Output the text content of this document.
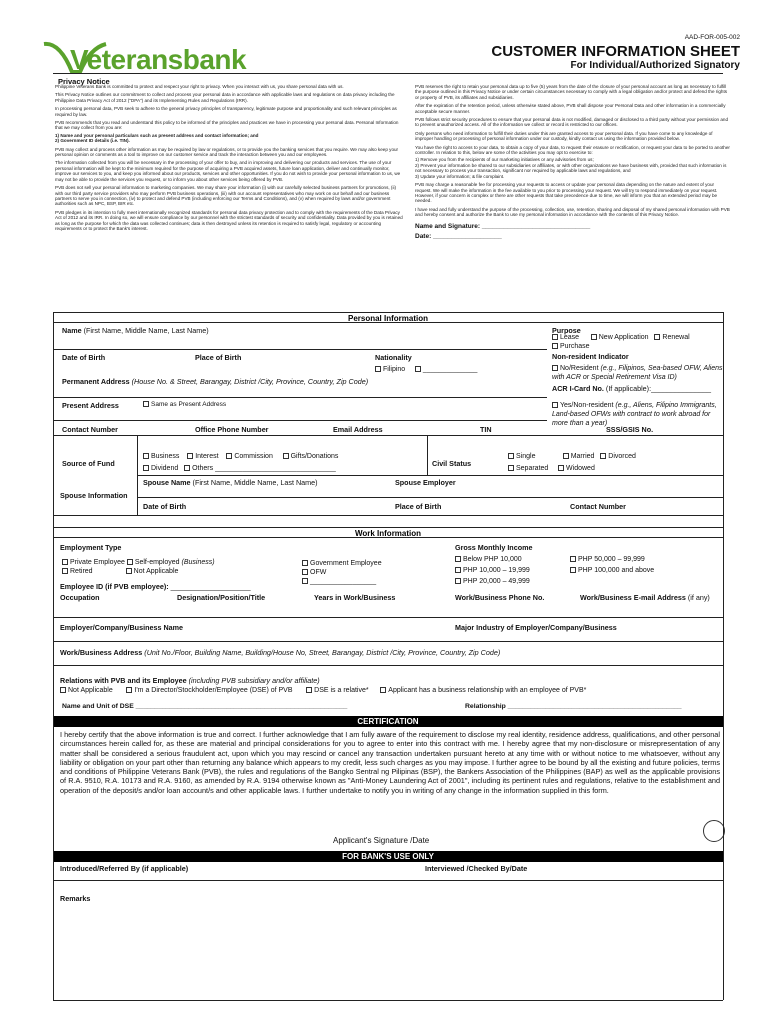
AAD-FOR-005-002
Veteransbank	CUSTOMER INFORMATION SHEET
For Individual/Authorized Signatory
Privacy Notice

Philippine Veterans Bank is committed to protect and respect your right to privacy. When you interact with us, you share personal data with us.

This Privacy Notice outlines our commitment to collect and process your personal data in accordance with applicable laws and regulations on data privacy including the Philippine Data Privacy Act of 2012 ("DPA") and its Implementing Rules and Regulations (IRR).

In processing personal data, PVB seek to adhere to the general privacy principles of transparency, legitimate purpose and proportionality and such relevant principles as required by law.

PVB recommends that you read and understand this policy to be informed of the principles and practices we have in processing your personal data. Personal Information that we may collect from you are:

1) Name and your personal particulars such as present address and contact information; and

2) Government ID details (i.e. TIN).

PVB may collect and process other information as may be required by law or regulations, or to provide you the banking services that you require. We may also keep your personal opinion or comments as a tool to improve on our customer service and track the interaction between you and our employees.

The information collected from you will be necessary in the processing of your offer to buy, and in improving and delivering our products and services. The use of your personal information will be kept to the minimum required for the purpose of acquiring a PVB acquired assets, future loan application, deliver and continually monitor, improve our services to you, and keep you informed about our products, services and other opportunities. If you do not wish to provide your personal information to us, we may not be able to provide the services you request, or to inform you about other services being offered by PVB.

PVB does not sell your personal information to marketing companies. We may share your information (i) with our carefully selected business partners for promotions, (ii) with our third party service providers who may perform PVB business operations, (iii) with our account representatives who may work on our behalf and our business partners to serve you in connection, (iv) to protect and defend PVB (including enforcing our Terms and Conditions), and (v) when required by laws and/or government authorities such as NPC, BSP, BIR etc.

PVB pledges in its intention to fully meet internationally recognized standards for personal data privacy protection and to comply with the requirements of the Data Privacy Act of 2012 and its IRR. In doing so, we will ensure compliance by our personnel with the strictest standards of security and confidentiality. Data provided by you is retained as long as the purpose for which the data was collected continues; data is then destroyed unless its retention is required to satisfy legal, regulatory or accounting requirements or to protect the Bank's interest.

PVB reserves the right to retain your personal data up to five (5) years from the date of the closure of your personal account as long as necessary to fulfill the purpose outlined in this Privacy Notice or under certain circumstances necessary to comply with a legal obligation and/or protect and defend the rights or property of PVB, its affiliates and subsidiaries.

After the expiration of the retention period, unless otherwise stated above, PVB shall dispose your Personal Data and other information in a commercially acceptable secure manner.

PVB follows strict security procedures to ensure that your personal data is not modified, damaged or disclosed to a third party without your permission and to prevent unauthorized access. All of the information we collect or record is restricted to our offices.

Only persons who need information to fulfill their duties under this are granted access to your personal data. If you have come to any knowledge of improper handling or processing of personal information under our custody, kindly contact us using the information provided below.

You have the right to access to your data, to obtain a copy of your data, to request their erasure or rectification, or request your data to be ported to another controller. In relation to this, below are some of the activities you may opt to exercise to:

1) Remove you from the recipients of our marketing initiatives or any advisories from us;

2) Prevent your information be shared to our subsidiaries or affiliates, or with other organizations we have business with, provided that such information is not necessary to process your transaction, significant nor required by applicable laws and regulations, and

3) Update your information; & file complaint.

PVB may charge a reasonable fee for processing your requests to access or update your personal data depending on the nature and extent of your request. We will make the information in the fee available to you prior to processing your request. We will try to respond immediately on your request. However, if your concern is complex or there are other requests that take precedence due to time, we will inform you that an extended period may be needed.

I have read and fully understand the purpose of the processing, collection, use, retention, sharing and disposal of my shared personal information with PVB and hereby consent and authorize the Bank to use my personal information in accordance with the contents of this Privacy Notice.

Name and Signature: ______________________________

Date: ___________________

Personal Information
Name (First Name, Middle Name, Last Name)	Purpose
Lease	New Application Renewal
Purchase
Non-resident Indicator
Date of Birth	Place of Birth	Nationality
Filipino	______________	No/Resident (e.g., Filipinos, Sea-based OFW, Aliens with ACR or Special Retirement Visa ID)
Permanent Address (House No. & Street, Barangay, District /City, Province, Country, Zip Code)
ACR I-Card No. (If applicable):_______________
Present Address	Same as Present Address	Yes/Non-resident (e.g., Aliens, Filipino Immigrants, Land-based OFWs with contract to work abroad for more than a year)
Contact Number	Office Phone Number	Email Address	TIN	SSS/GSIS No.
Source of Fund
Business Interest Commission	Gifts/Donations
Dividend Others _______________________________
Civil Status
Single	Married Divorced
Separated	Widowed
Spouse Name (First Name, Middle Name, Last Name)	Spouse Employer
Spouse Information
Date of Birth	Place of Birth	Contact Number
Work Information
Employment Type	Gross Monthly Income
Private Employee Self-employed (Business)
Retired	Not Applicable
Government Employee
OFW
_________________
Below PHP 10,000
PHP 10,000 – 19,999
PHP 20,000 – 49,999
PHP 50,000 – 99,999
PHP 100,000 and above
Employee ID (if PVB employee): ____________________
Occupation	Designation/Position/Title	Years in Work/Business	Work/Business Phone No.	Work/Business E-mail Address (if any)
Employer/Company/Business Name	Major Industry of Employer/Company/Business
Work/Business Address (Unit No./Floor, Building Name, Building/House No, Street, Barangay, District /City, Province, Country, Zip Code)
Relations with PVB and its Employee (including PVB subsidiary and/or affiliate)
Not Applicable	I'm a Director/Stockholder/Employee (DSE) of PVB	DSE is a relative*	Applicant has a business relationship with an employee of PVB*
Name and Unit of DSE ________________________________________________________	Relationship ______________________________________________
CERTIFICATION
I hereby certify that the above information is true and correct. I further acknowledge that I am fully aware of the requirement to disclose my real identity, residence address, qualifications, and other personal circumstances herein called for, as these are material and principal considerations for you to agree to enter into this contract with me. I hereby agree that my non-disclosure or misrepresentation of any matter shall be considered a serious fraudulent act, upon which you may rescind or cancel any transaction undertaken pursuant hereto at any time with or without notice to me whatsoever, without any liability or obligation on your part other than returning any balance which appears to my credit, less such charges as you may impose. I further agree to be bound by all the existing and future policies, terms and conditions of Philippine Veterans Bank (PVB), the rules and regulations of the Bangko Sentral ng Pilipinas (BSP), the Bankers Association of the Philippines (BAP) as well as the applicable provisions of R.A. 9510, R.A. 10173 and R.A. 9160, as amended by R.A. 9194 otherwise known as "Anti-Money Laundering Act of 2001", including its pertinent rules and regulations, relative to the establishment and operation of the deposit/s and/or loan account/s and other applicable laws. I further undertake to notify you in writing of any change in the information supplied in this form.
Applicant's Signature /Date
FOR BANK'S USE ONLY
Introduced/Referred By (if applicable)	Interviewed /Checked By/Date
Remarks
